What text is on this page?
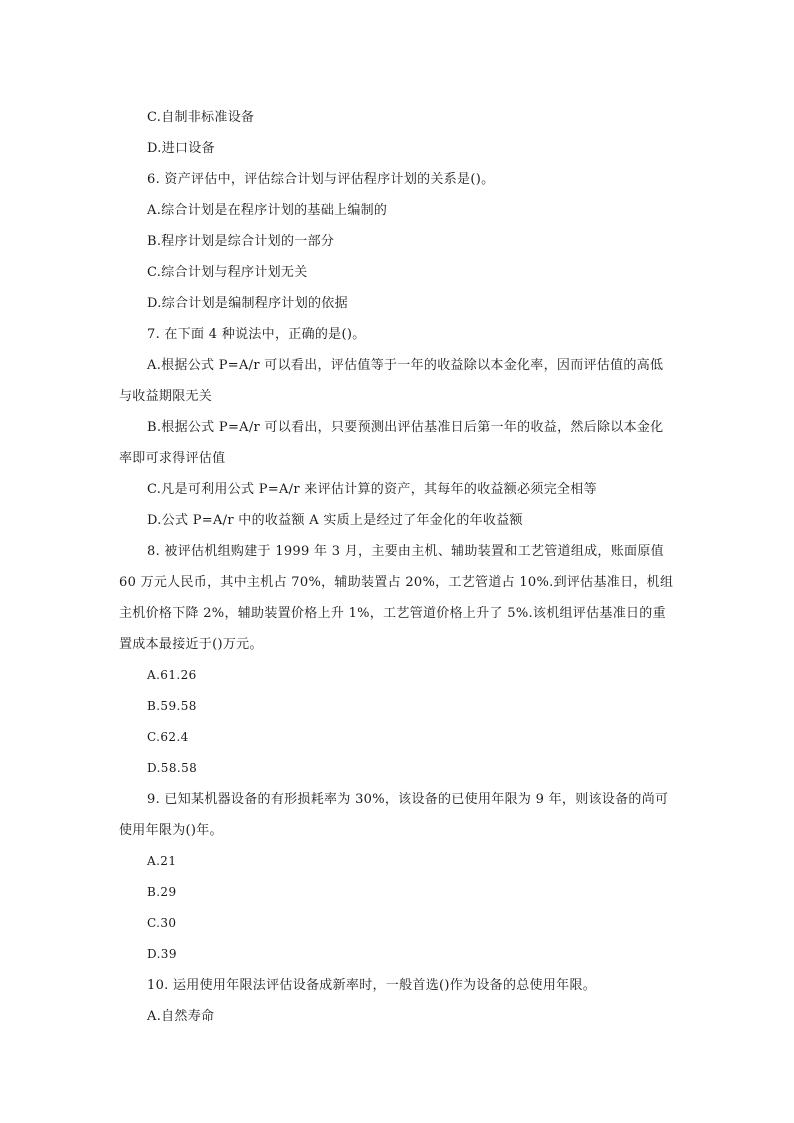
C.自制非标准设备

D.进口设备

6. 资产评估中，评估综合计划与评估程序计划的关系是()。

A.综合计划是在程序计划的基础上编制的

B.程序计划是综合计划的一部分

C.综合计划与程序计划无关

D.综合计划是编制程序计划的依据

7. 在下面 4 种说法中，正确的是()。

A.根据公式 P=A/r 可以看出，评估值等于一年的收益除以本金化率，因而评估值的高低与收益期限无关

B.根据公式 P=A/r 可以看出，只要预测出评估基准日后第一年的收益，然后除以本金化率即可求得评估值

C.凡是可利用公式 P=A/r 来评估计算的资产，其每年的收益额必须完全相等

D.公式 P=A/r 中的收益额 A 实质上是经过了年金化的年收益额

8. 被评估机组购建于 1999 年 3 月，主要由主机、辅助装置和工艺管道组成，账面原值60 万元人民币，其中主机占 70%，辅助装置占 20%，工艺管道占 10%.到评估基准日，机组主机价格下降 2%，辅助装置价格上升 1%，工艺管道价格上升了 5%.该机组评估基准日的重置成本最接近于()万元。

A.61.26

B.59.58

C.62.4

D.58.58

9. 已知某机器设备的有形损耗率为 30%，该设备的已使用年限为 9 年，则该设备的尚可使用年限为()年。

A.21

B.29

C.30

D.39

10. 运用使用年限法评估设备成新率时，一般首选()作为设备的总使用年限。

A.自然寿命
